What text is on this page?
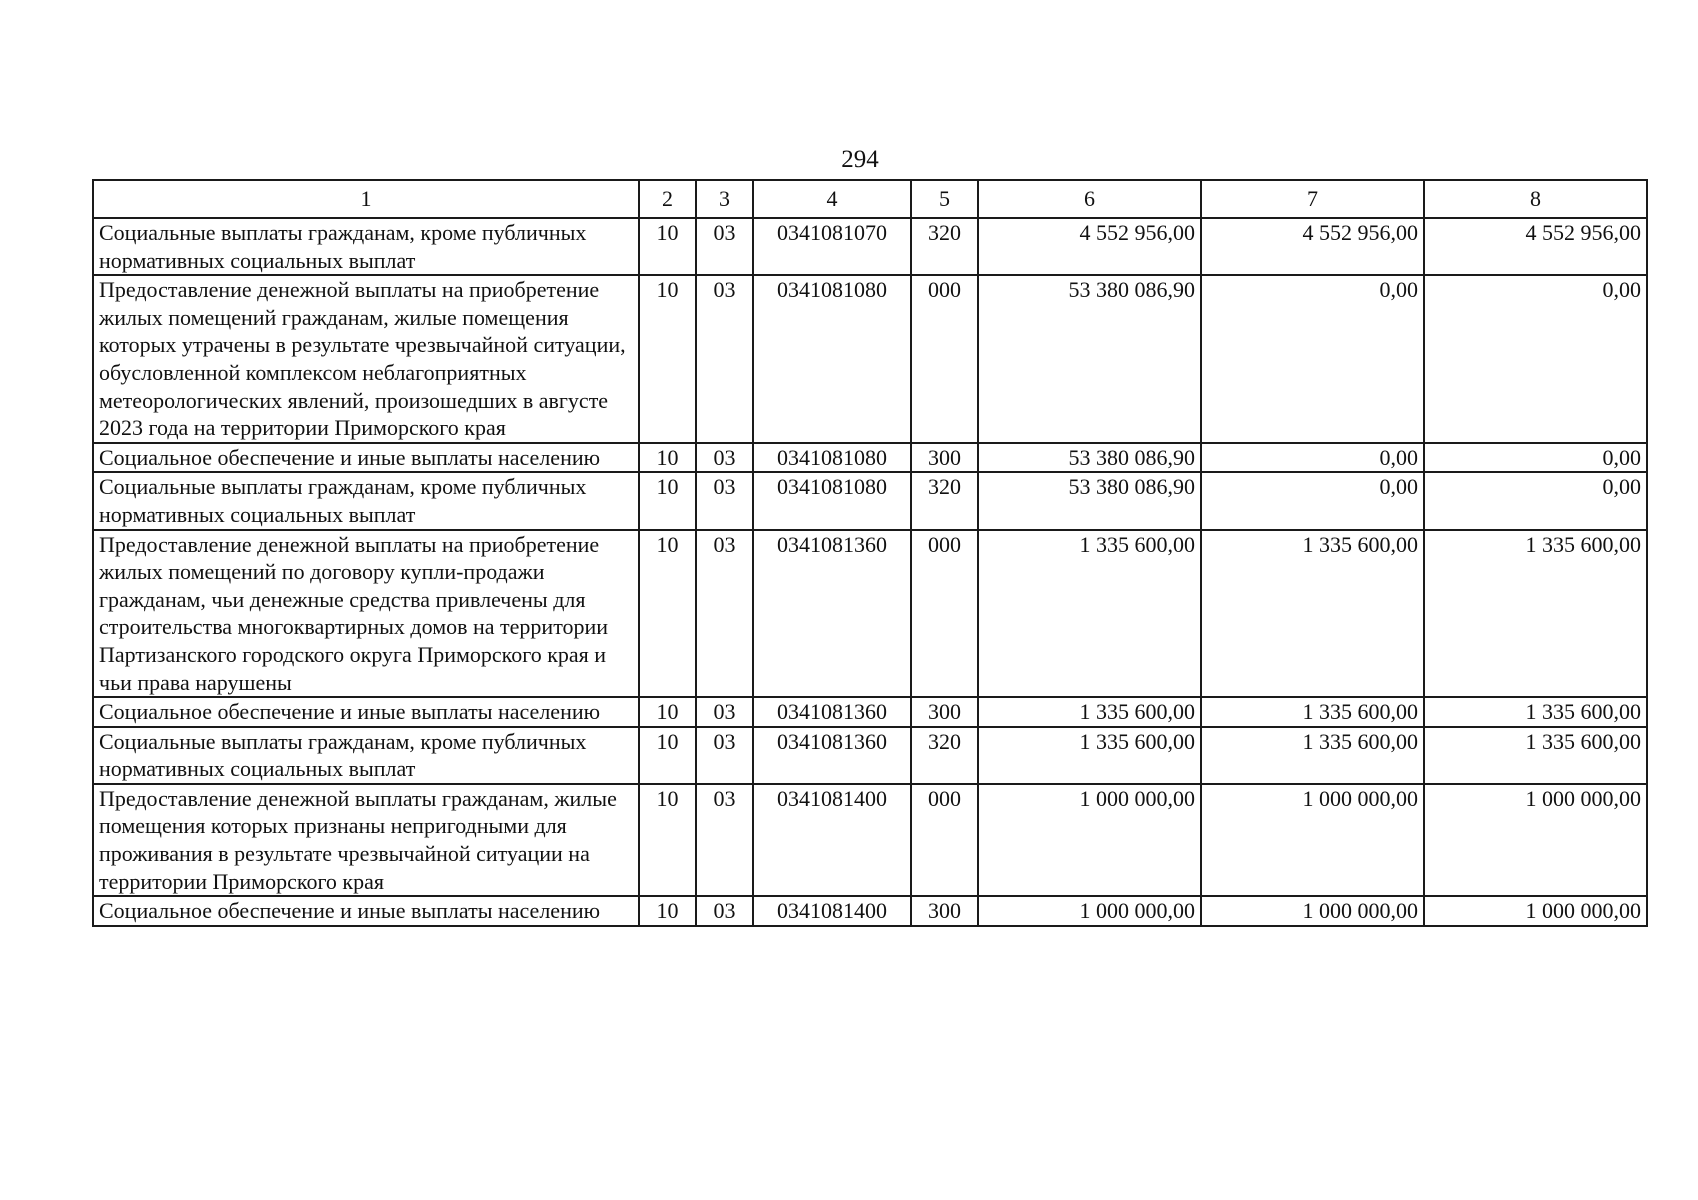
294
1	2	3	4	5	6	7	8
Социальные выплаты гражданам, кроме публичных нормативных социальных выплат	10	03	0341081070	320	4 552 956,00	4 552 956,00	4 552 956,00
Предоставление денежной выплаты на приобретение жилых помещений гражданам, жилые помещения которых утрачены в результате чрезвычайной ситуации, обусловленной комплексом неблагоприятных метеорологических явлений, произошедших в августе 2023 года на территории Приморского края	10	03	0341081080	000	53 380 086,90	0,00	0,00
Социальное обеспечение и иные выплаты населению	10	03	0341081080	300	53 380 086,90	0,00	0,00
Социальные выплаты гражданам, кроме публичных нормативных социальных выплат	10	03	0341081080	320	53 380 086,90	0,00	0,00
Предоставление денежной выплаты на приобретение жилых помещений по договору купли-продажи гражданам, чьи денежные средства привлечены для строительства многоквартирных домов на территории Партизанского городского округа Приморского края и чьи права нарушены	10	03	0341081360	000	1 335 600,00	1 335 600,00	1 335 600,00
Социальное обеспечение и иные выплаты населению	10	03	0341081360	300	1 335 600,00	1 335 600,00	1 335 600,00
Социальные выплаты гражданам, кроме публичных нормативных социальных выплат	10	03	0341081360	320	1 335 600,00	1 335 600,00	1 335 600,00
Предоставление денежной выплаты гражданам, жилые помещения которых признаны непригодными для проживания в результате чрезвычайной ситуации на территории Приморского края	10	03	0341081400	000	1 000 000,00	1 000 000,00	1 000 000,00
Социальное обеспечение и иные выплаты населению	10	03	0341081400	300	1 000 000,00	1 000 000,00	1 000 000,00
